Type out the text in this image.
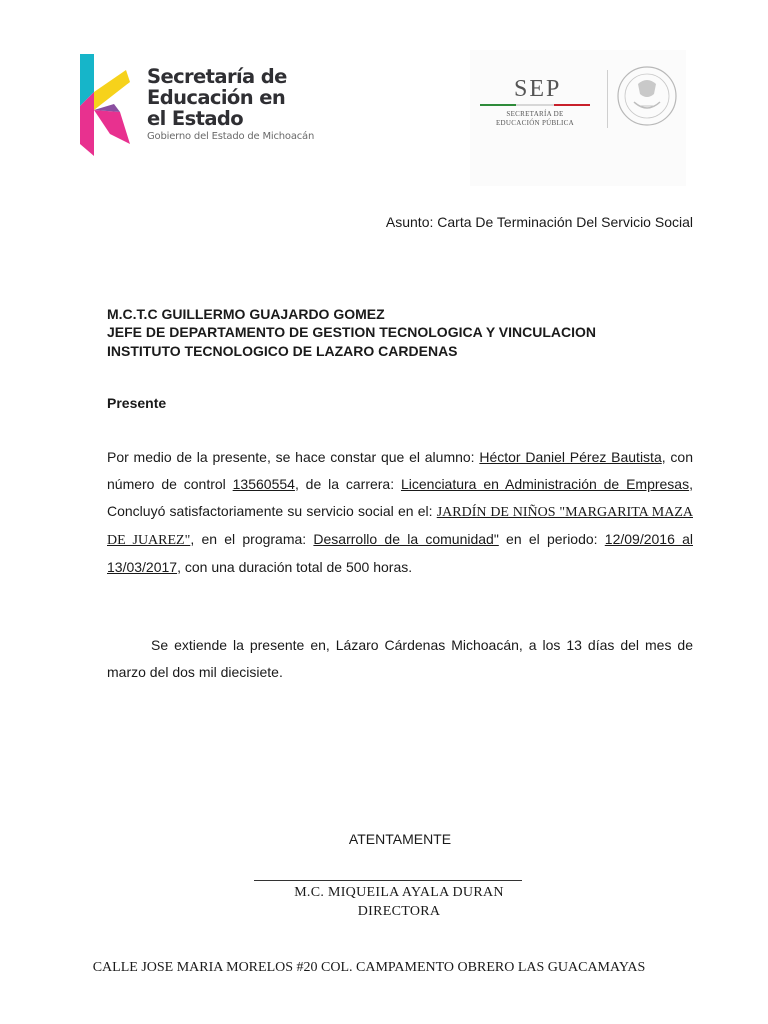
Secretaría de
Educación en
el Estado
Gobierno del Estado de Michoacán
SEP
SECRETARÍA DE
EDUCACIÓN PÚBLICA
Asunto: Carta De Terminación Del Servicio Social
M.C.T.C GUILLERMO GUAJARDO GOMEZ
JEFE DE DEPARTAMENTO DE GESTION TECNOLOGICA Y VINCULACION
INSTITUTO TECNOLOGICO DE LAZARO CARDENAS
Presente
Por medio de la presente, se hace constar que el alumno: Héctor Daniel Pérez Bautista, con número de control 13560554, de la carrera: Licenciatura en Administración de Empresas, Concluyó satisfactoriamente su servicio social en el: JARDÍN DE NIÑOS "MARGARITA MAZA DE JUAREZ", en el programa: Desarrollo de la comunidad" en el periodo: 12/09/2016 al 13/03/2017, con una duración total de 500 horas.
Se extiende la presente en, Lázaro Cárdenas Michoacán, a los 13 días del mes de marzo del dos mil diecisiete.
ATENTAMENTE
M.C. MIQUEILA AYALA DURAN
DIRECTORA
CALLE JOSE MARIA MORELOS #20 COL. CAMPAMENTO OBRERO LAS GUACAMAYAS
